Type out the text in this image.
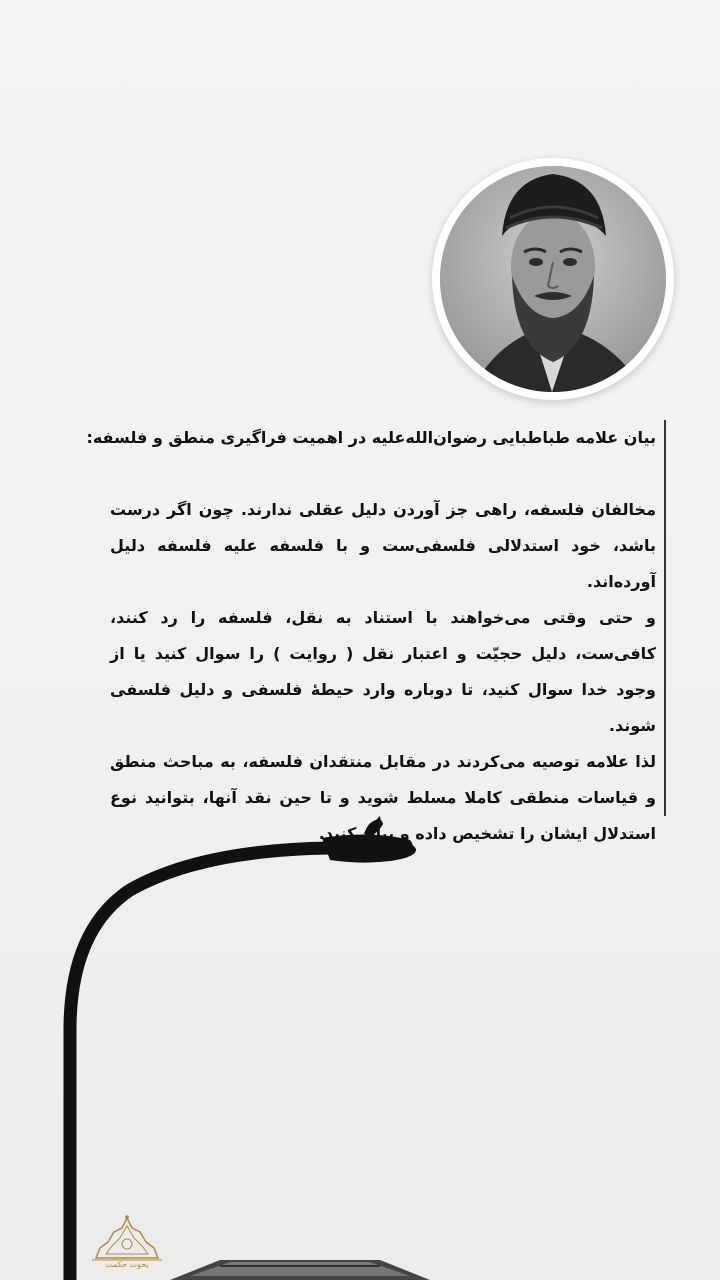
بیان علامه طباطبایی رضوان‌الله‌علیه در اهمیت فراگیری منطق و فلسفه:

مخالفان فلسفه، راهی جز آوردن دلیل عقلی ندارند. چون اگر درست باشد، خود استدلالی فلسفی‌ست و با فلسفه علیه فلسفه دلیل آورده‌اند.

و حتی وقتی می‌خواهند با استناد به نقل، فلسفه را رد کنند، کافی‌ست، دلیل حجیّت و اعتبار نقل ( روایت ) را سوال کنید یا از وجود خدا سوال کنید، تا دوباره وارد حیطهٔ فلسفی و دلیل فلسفی شوند.

لذا علامه توصیه می‌کردند در مقابل منتقدان فلسفه، به مباحث منطق و قیاسات منطقی کاملا مسلط شوید و تا حین نقد آنها، بتوانید نوع استدلال ایشان را تشخیص داده و بیان کنید.

بحوث حکمت
